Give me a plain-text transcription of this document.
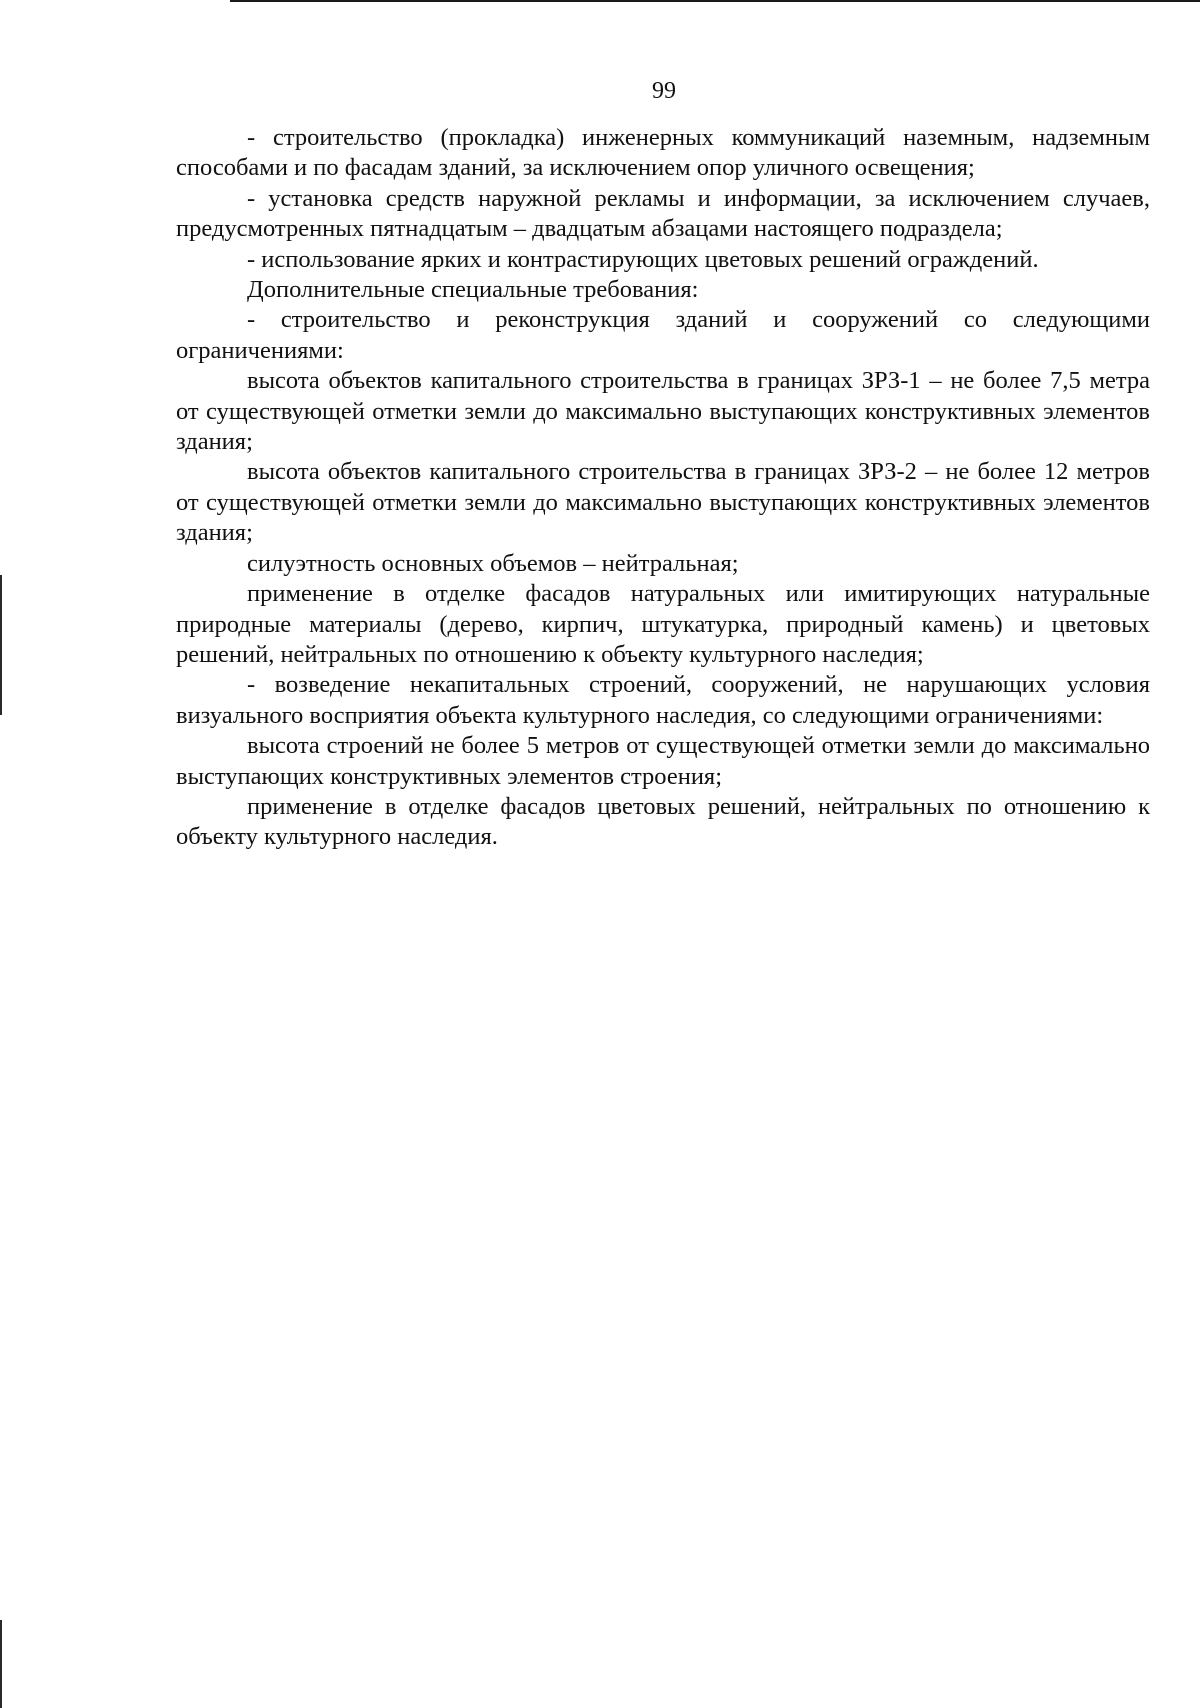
99

- строительство (прокладка) инженерных коммуникаций наземным, надземным способами и по фасадам зданий, за исключением опор уличного освещения;

- установка средств наружной рекламы и информации, за исключением случаев, предусмотренных пятнадцатым – двадцатым абзацами настоящего подраздела;

- использование ярких и контрастирующих цветовых решений ограждений.

Дополнительные специальные требования:

- строительство и реконструкция зданий и сооружений со следующими ограничениями:

высота объектов капитального строительства в границах ЗРЗ-1 – не более 7,5 метра от существующей отметки земли до максимально выступающих конструктивных элементов здания;

высота объектов капитального строительства в границах ЗРЗ-2 – не более 12 метров от существующей отметки земли до максимально выступающих конструктивных элементов здания;

силуэтность основных объемов – нейтральная;

применение в отделке фасадов натуральных или имитирующих натуральные природные материалы (дерево, кирпич, штукатурка, природный камень) и цветовых решений, нейтральных по отношению к объекту культурного наследия;

- возведение некапитальных строений, сооружений, не нарушающих условия визуального восприятия объекта культурного наследия, со следующими ограничениями:

высота строений не более 5 метров от существующей отметки земли до максимально выступающих конструктивных элементов строения;

применение в отделке фасадов цветовых решений, нейтральных по отношению к объекту культурного наследия.
